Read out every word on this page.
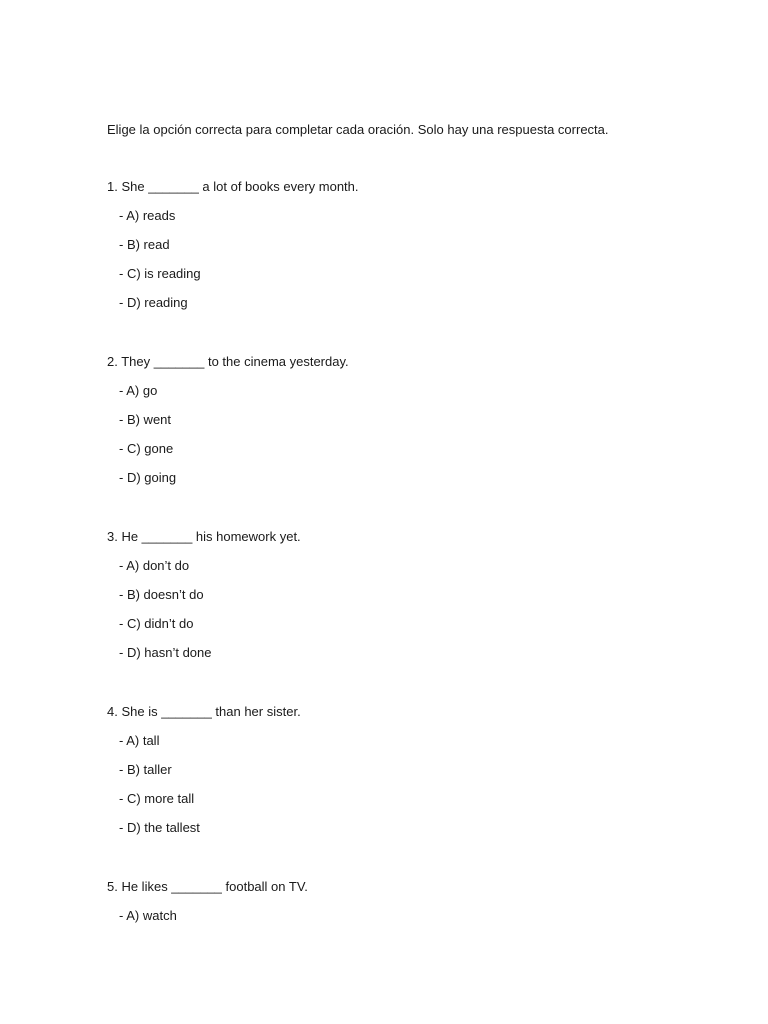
Elige la opción correcta para completar cada oración. Solo hay una respuesta correcta.

1. She _______ a lot of books every month.
- A) reads
- B) read
- C) is reading
- D) reading
2. They _______ to the cinema yesterday.
- A) go
- B) went
- C) gone
- D) going
3. He _______ his homework yet.
- A) don’t do
- B) doesn’t do
- C) didn’t do
- D) hasn’t done
4. She is _______ than her sister.
- A) tall
- B) taller
- C) more tall
- D) the tallest
5. He likes _______ football on TV.
- A) watch
